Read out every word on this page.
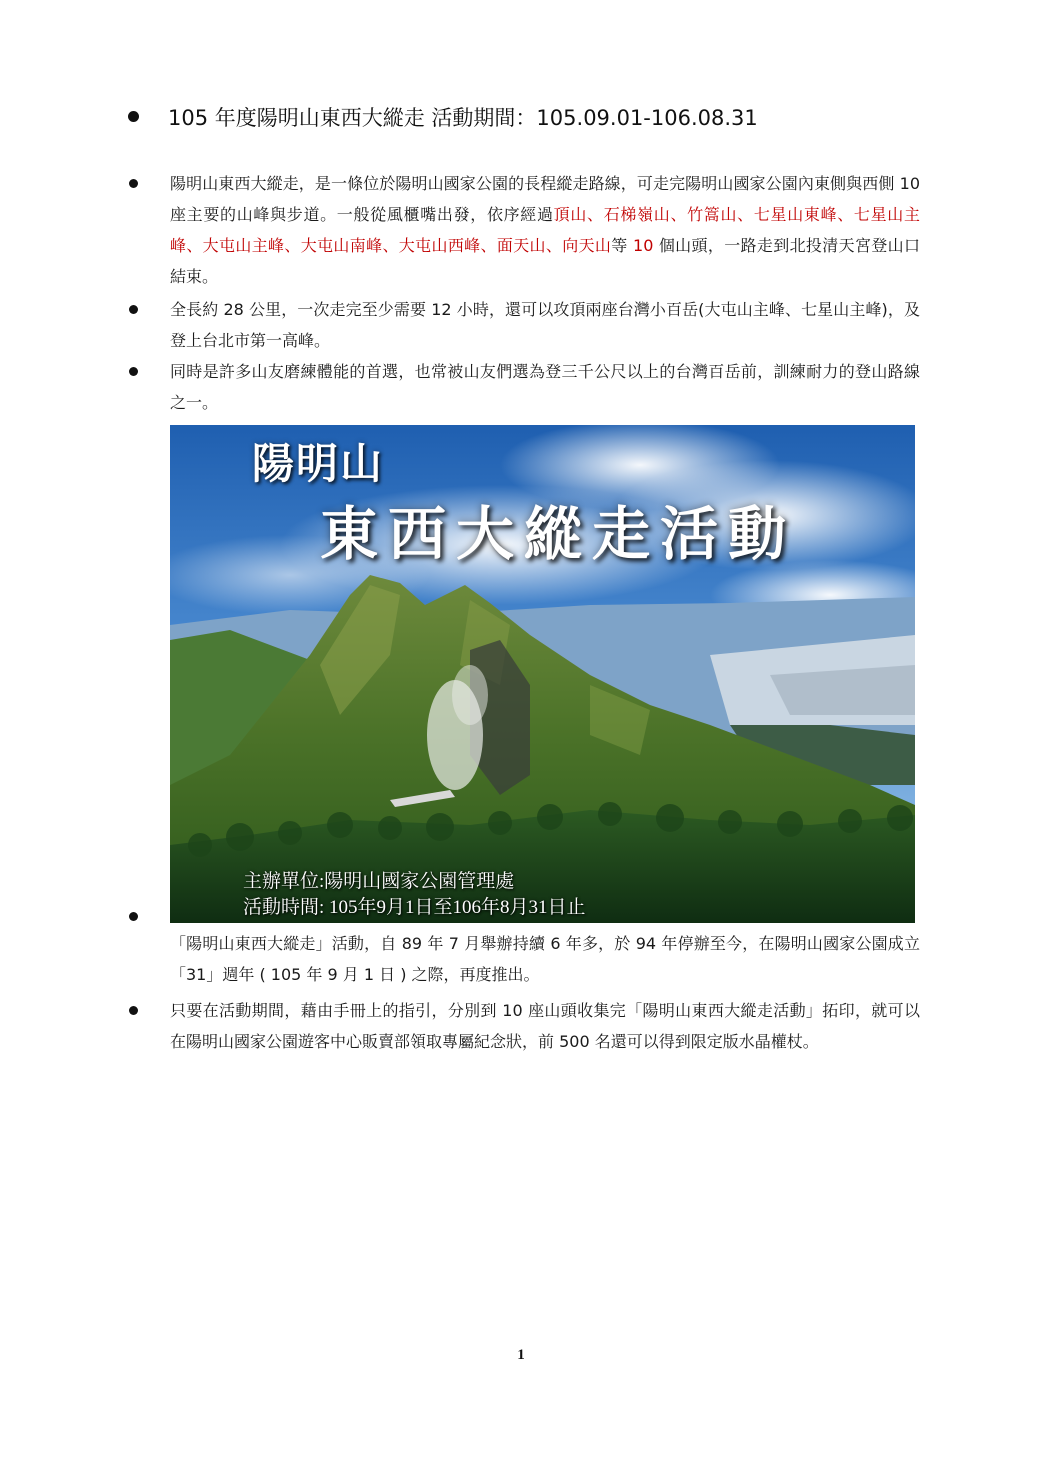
105 年度陽明山東西大縱走 活動期間：105.09.01-106.08.31
陽明山東西大縱走，是一條位於陽明山國家公園的長程縱走路線，可走完陽明山國家公園內東側與西側 10 座主要的山峰與步道。一般從風櫃嘴出發，依序經過頂山、石梯嶺山、竹篙山、七星山東峰、七星山主峰、大屯山主峰、大屯山南峰、大屯山西峰、面天山、向天山等 10 個山頭，一路走到北投清天宮登山口結束。
全長約 28 公里，一次走完至少需要 12 小時，還可以攻頂兩座台灣小百岳(大屯山主峰、七星山主峰)，及登上台北市第一高峰。
同時是許多山友磨練體能的首選，也常被山友們選為登三千公尺以上的台灣百岳前，訓練耐力的登山路線之一。
陽明山
東西大縱走活動
主辦單位:陽明山國家公園管理處
活動時間: 105年9月1日至106年8月31日止
「陽明山東西大縱走」活動，自 89 年 7 月舉辦持續 6 年多，於 94 年停辦至今，在陽明山國家公園成立「31」週年 ( 105 年 9 月 1 日 ) 之際，再度推出。
只要在活動期間，藉由手冊上的指引，分別到 10 座山頭收集完「陽明山東西大縱走活動」拓印，就可以在陽明山國家公園遊客中心販賣部領取專屬紀念狀，前 500 名還可以得到限定版水晶權杖。
1
